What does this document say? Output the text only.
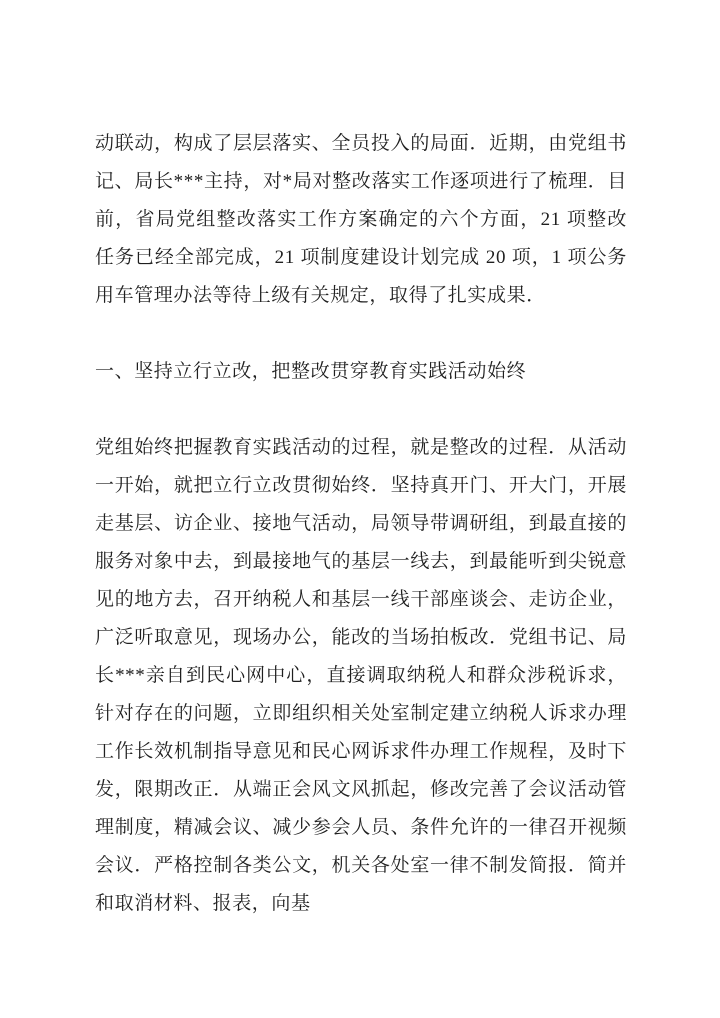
动联动，构成了层层落实、全员投入的局面．近期，由党组书记、局长***主持，对*局对整改落实工作逐项进行了梳理．目前，省局党组整改落实工作方案确定的六个方面，21 项整改任务已经全部完成，21 项制度建设计划完成 20 项，1 项公务用车管理办法等待上级有关规定，取得了扎实成果．

一、坚持立行立改，把整改贯穿教育实践活动始终

党组始终把握教育实践活动的过程，就是整改的过程．从活动一开始，就把立行立改贯彻始终．坚持真开门、开大门，开展走基层、访企业、接地气活动，局领导带调研组，到最直接的服务对象中去，到最接地气的基层一线去，到最能听到尖锐意见的地方去，召开纳税人和基层一线干部座谈会、走访企业，广泛听取意见，现场办公，能改的当场拍板改．党组书记、局长***亲自到民心网中心，直接调取纳税人和群众涉税诉求，针对存在的问题，立即组织相关处室制定建立纳税人诉求办理工作长效机制指导意见和民心网诉求件办理工作规程，及时下发，限期改正．从端正会风文风抓起，修改完善了会议活动管理制度，精减会议、减少参会人员、条件允许的一律召开视频会议．严格控制各类公文，机关各处室一律不制发简报．简并和取消材料、报表，向基
